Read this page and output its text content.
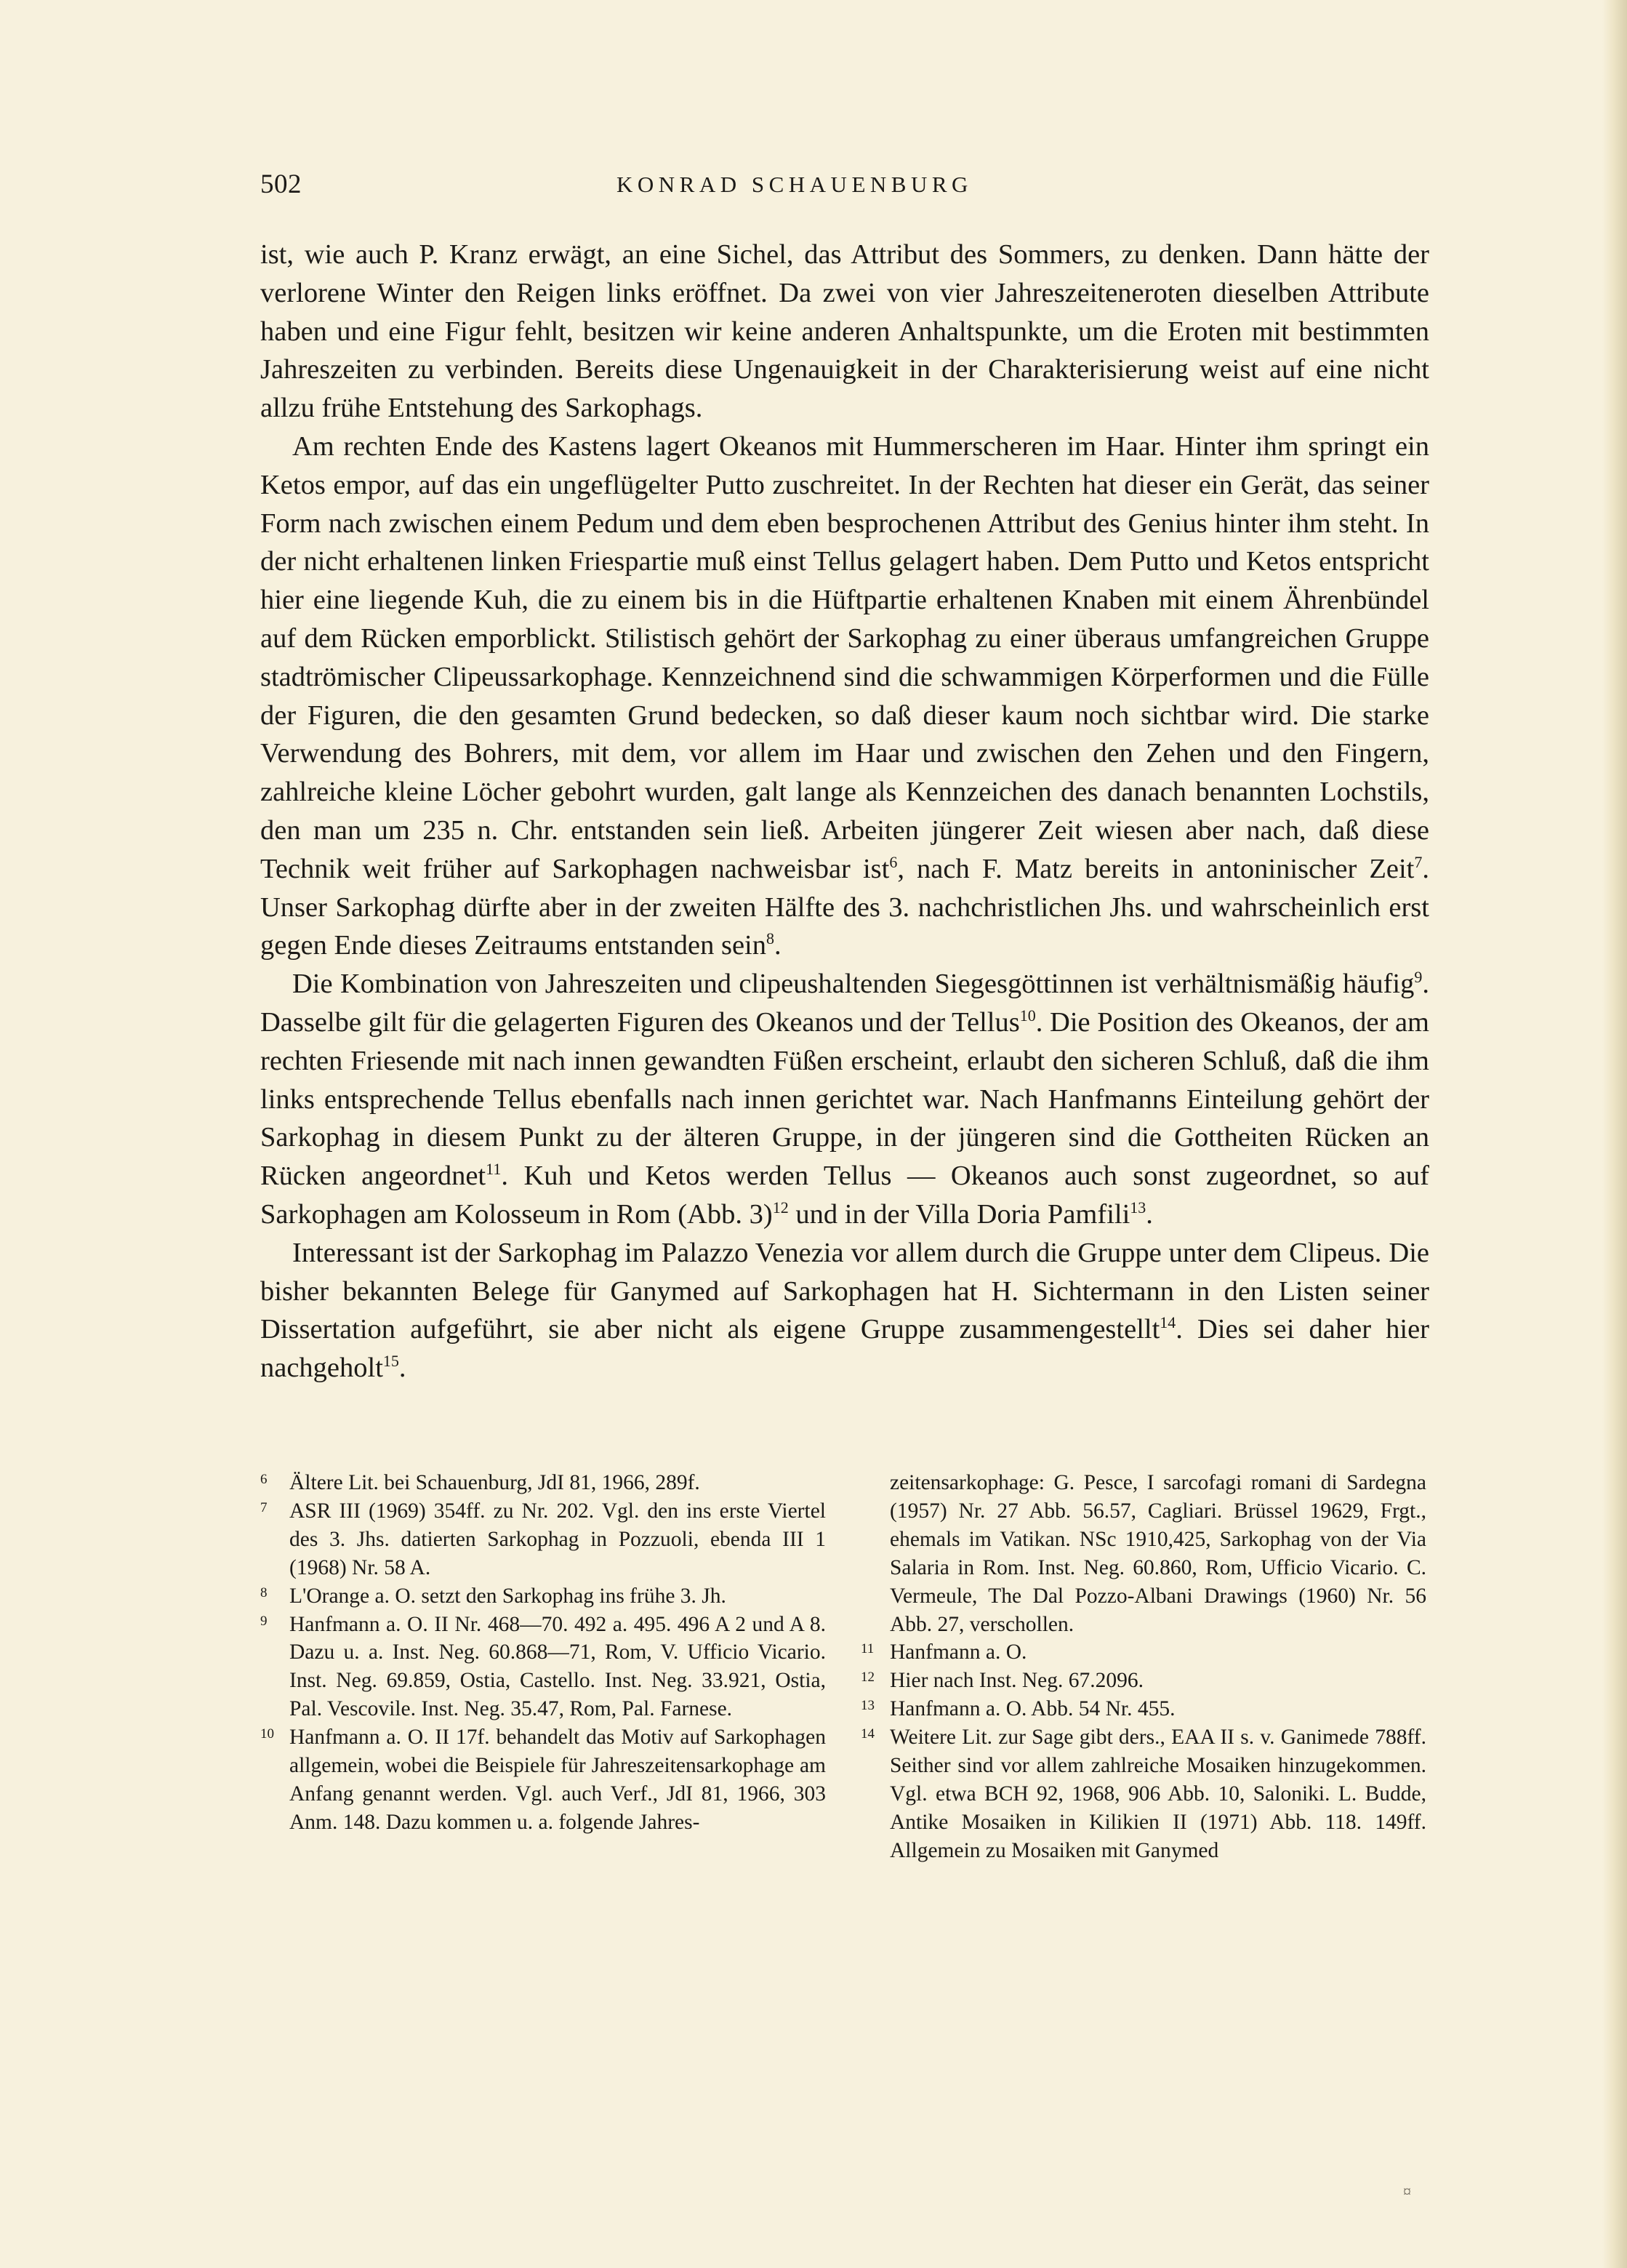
502	KONRAD SCHAUENBURG

ist, wie auch P. Kranz erwägt, an eine Sichel, das Attribut des Sommers, zu denken. Dann hätte der verlorene Winter den Reigen links eröffnet. Da zwei von vier Jahreszeiteneroten dieselben Attribute haben und eine Figur fehlt, besitzen wir keine anderen Anhaltspunkte, um die Eroten mit bestimmten Jahreszeiten zu verbinden. Bereits diese Ungenauigkeit in der Charakterisierung weist auf eine nicht allzu frühe Entstehung des Sarkophags.

Am rechten Ende des Kastens lagert Okeanos mit Hummerscheren im Haar. Hinter ihm springt ein Ketos empor, auf das ein ungeflügelter Putto zuschreitet. In der Rechten hat dieser ein Gerät, das seiner Form nach zwischen einem Pedum und dem eben besprochenen Attribut des Genius hinter ihm steht. In der nicht erhaltenen linken Friespartie muß einst Tellus gelagert haben. Dem Putto und Ketos entspricht hier eine liegende Kuh, die zu einem bis in die Hüftpartie erhaltenen Knaben mit einem Ährenbündel auf dem Rücken emporblickt. Stilistisch gehört der Sarkophag zu einer überaus umfangreichen Gruppe stadtrömischer Clipeussarkophage. Kennzeichnend sind die schwammigen Körperformen und die Fülle der Figuren, die den gesamten Grund bedecken, so daß dieser kaum noch sichtbar wird. Die starke Verwendung des Bohrers, mit dem, vor allem im Haar und zwischen den Zehen und den Fingern, zahlreiche kleine Löcher gebohrt wurden, galt lange als Kennzeichen des danach benannten Lochstils, den man um 235 n. Chr. entstanden sein ließ. Arbeiten jüngerer Zeit wiesen aber nach, daß diese Technik weit früher auf Sarkophagen nachweisbar ist$^6$, nach F. Matz bereits in antoninischer Zeit$^7$. Unser Sarkophag dürfte aber in der zweiten Hälfte des 3. nachchristlichen Jhs. und wahrscheinlich erst gegen Ende dieses Zeitraums entstanden sein$^8$.

Die Kombination von Jahreszeiten und clipeushaltenden Siegesgöttinnen ist verhältnismäßig häufig$^9$. Dasselbe gilt für die gelagerten Figuren des Okeanos und der Tellus$^{10}$. Die Position des Okeanos, der am rechten Friesende mit nach innen gewandten Füßen erscheint, erlaubt den sicheren Schluß, daß die ihm links entsprechende Tellus ebenfalls nach innen gerichtet war. Nach Hanfmanns Einteilung gehört der Sarkophag in diesem Punkt zu der älteren Gruppe, in der jüngeren sind die Gottheiten Rücken an Rücken angeordnet$^{11}$. Kuh und Ketos werden Tellus — Okeanos auch sonst zugeordnet, so auf Sarkophagen am Kolosseum in Rom (Abb. 3)$^{12}$ und in der Villa Doria Pamfili$^{13}$.

Interessant ist der Sarkophag im Palazzo Venezia vor allem durch die Gruppe unter dem Clipeus. Die bisher bekannten Belege für Ganymed auf Sarkophagen hat H. Sichtermann in den Listen seiner Dissertation aufgeführt, sie aber nicht als eigene Gruppe zusammengestellt$^{14}$. Dies sei daher hier nachgeholt$^{15}$.

6 Ältere Lit. bei Schauenburg, JdI 81, 1966, 289f.

7 ASR III (1969) 354ff. zu Nr. 202. Vgl. den ins erste Viertel des 3. Jhs. datierten Sarkophag in Pozzuoli, ebenda III 1 (1968) Nr. 58 A.

8 L'Orange a. O. setzt den Sarkophag ins frühe 3. Jh.

9 Hanfmann a. O. II Nr. 468—70. 492 a. 495. 496 A 2 und A 8. Dazu u. a. Inst. Neg. 60.868—71, Rom, V. Ufficio Vicario. Inst. Neg. 69.859, Ostia, Castello. Inst. Neg. 33.921, Ostia, Pal. Vescovile. Inst. Neg. 35.47, Rom, Pal. Farnese.

10 Hanfmann a. O. II 17f. behandelt das Motiv auf Sarkophagen allgemein, wobei die Beispiele für Jahreszeitensarkophage am Anfang genannt werden. Vgl. auch Verf., JdI 81, 1966, 303 Anm. 148. Dazu kommen u. a. folgende Jahres-

zeitensarkophage: G. Pesce, I sarcofagi romani di Sardegna (1957) Nr. 27 Abb. 56.57, Cagliari. Brüssel 19629, Frgt., ehemals im Vatikan. NSc 1910,425, Sarkophag von der Via Salaria in Rom. Inst. Neg. 60.860, Rom, Ufficio Vicario. C. Vermeule, The Dal Pozzo-Albani Drawings (1960) Nr. 56 Abb. 27, verschollen.

11 Hanfmann a. O.

12 Hier nach Inst. Neg. 67.2096.

13 Hanfmann a. O. Abb. 54 Nr. 455.

14 Weitere Lit. zur Sage gibt ders., EAA II s. v. Ganimede 788ff. Seither sind vor allem zahlreiche Mosaiken hinzugekommen. Vgl. etwa BCH 92, 1968, 906 Abb. 10, Saloniki. L. Budde, Antike Mosaiken in Kilikien II (1971) Abb. 118. 149ff. Allgemein zu Mosaiken mit Ganymed

¤
